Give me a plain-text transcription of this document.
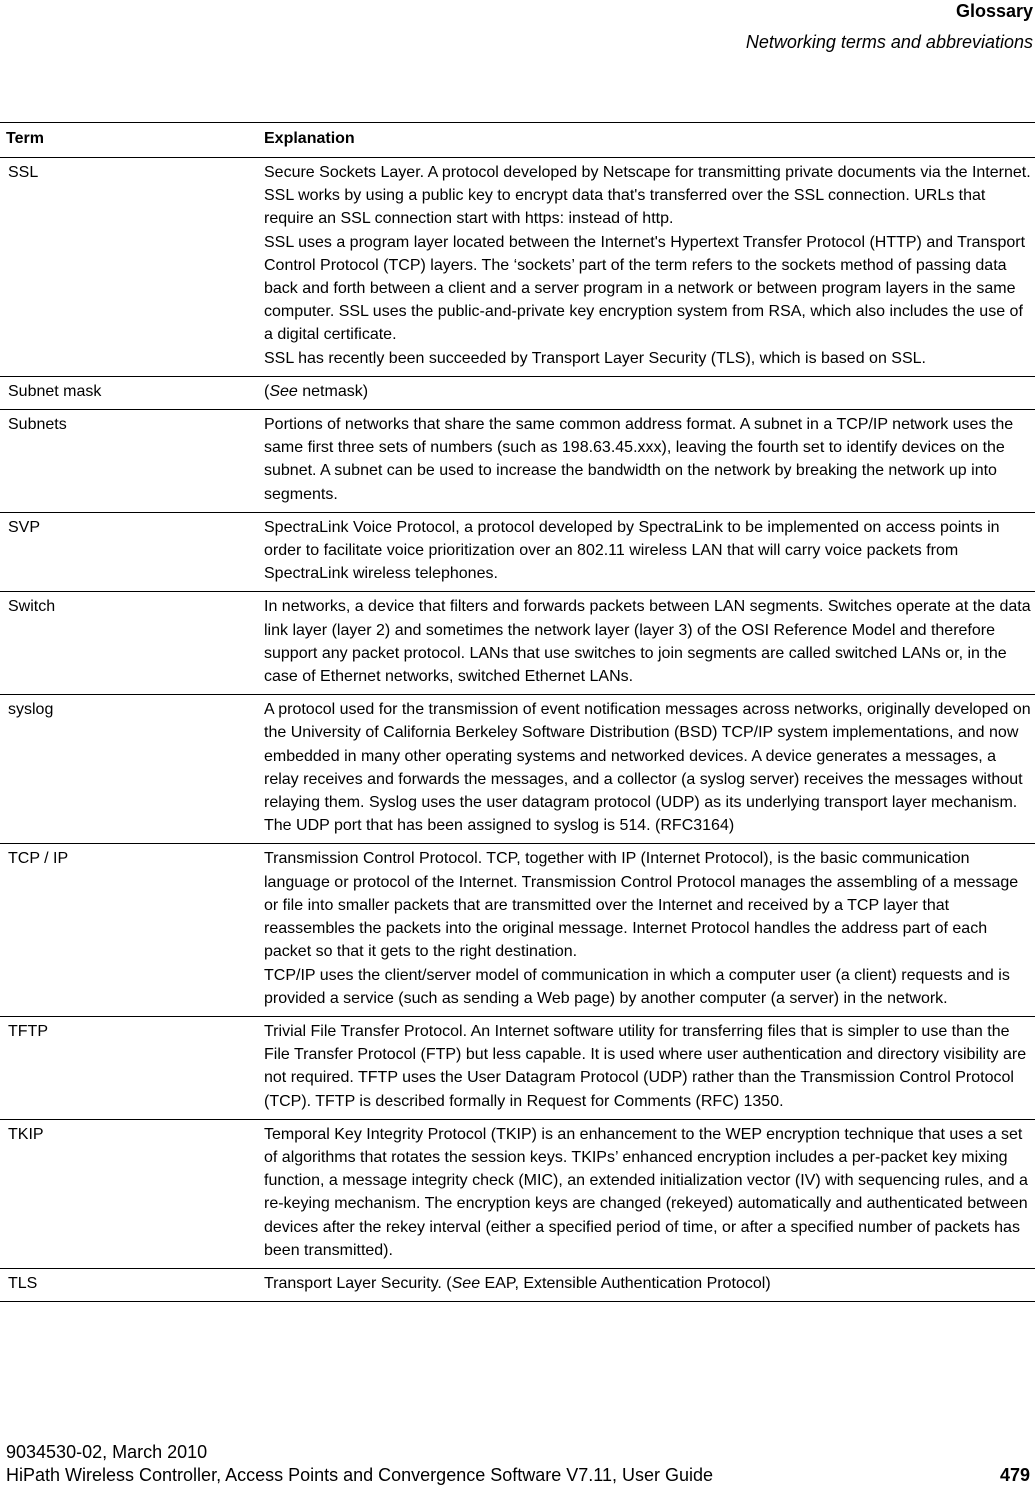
Glossary
Networking terms and abbreviations
Term	Explanation
SSL	Secure Sockets Layer. A protocol developed by Netscape for transmitting private documents via the Internet. SSL works by using a public key to encrypt data that's transferred over the SSL connection. URLs that require an SSL connection start with https: instead of http.
SSL uses a program layer located between the Internet's Hypertext Transfer Protocol (HTTP) and Transport Control Protocol (TCP) layers. The ‘sockets’ part of the term refers to the sockets method of passing data back and forth between a client and a server program in a network or between program layers in the same computer. SSL uses the public-and-private key encryption system from RSA, which also includes the use of a digital certificate.
SSL has recently been succeeded by Transport Layer Security (TLS), which is based on SSL.

Subnet mask	(See netmask)
Subnets	Portions of networks that share the same common address format. A subnet in a TCP/IP network uses the same first three sets of numbers (such as 198.63.45.xxx), leaving the fourth set to identify devices on the subnet. A subnet can be used to increase the bandwidth on the network by breaking the network up into segments.

SVP	SpectraLink Voice Protocol, a protocol developed by SpectraLink to be implemented on access points in order to facilitate voice prioritization over an 802.11 wireless LAN that will carry voice packets from SpectraLink wireless telephones.

Switch	In networks, a device that filters and forwards packets between LAN segments. Switches operate at the data link layer (layer 2) and sometimes the network layer (layer 3) of the OSI Reference Model and therefore support any packet protocol. LANs that use switches to join segments are called switched LANs or, in the case of Ethernet networks, switched Ethernet LANs.

syslog	A protocol used for the transmission of event notification messages across networks, originally developed on the University of California Berkeley Software Distribution (BSD) TCP/IP system implementations, and now embedded in many other operating systems and networked devices. A device generates a messages, a relay receives and forwards the messages, and a collector (a syslog server) receives the messages without relaying them. Syslog uses the user datagram protocol (UDP) as its underlying transport layer mechanism. The UDP port that has been assigned to syslog is 514. (RFC3164)

TCP / IP	Transmission Control Protocol. TCP, together with IP (Internet Protocol), is the basic communication language or protocol of the Internet. Transmission Control Protocol manages the assembling of a message or file into smaller packets that are transmitted over the Internet and received by a TCP layer that reassembles the packets into the original message. Internet Protocol handles the address part of each packet so that it gets to the right destination.
TCP/IP uses the client/server model of communication in which a computer user (a client) requests and is provided a service (such as sending a Web page) by another computer (a server) in the network.

TFTP	Trivial File Transfer Protocol. An Internet software utility for transferring files that is simpler to use than the File Transfer Protocol (FTP) but less capable. It is used where user authentication and directory visibility are not required. TFTP uses the User Datagram Protocol (UDP) rather than the Transmission Control Protocol (TCP). TFTP is described formally in Request for Comments (RFC) 1350.

TKIP	Temporal Key Integrity Protocol (TKIP) is an enhancement to the WEP encryption technique that uses a set of algorithms that rotates the session keys. TKIPs’ enhanced encryption includes a per-packet key mixing function, a message integrity check (MIC), an extended initialization vector (IV) with sequencing rules, and a re-keying mechanism. The encryption keys are changed (rekeyed) automatically and authenticated between devices after the rekey interval (either a specified period of time, or after a specified number of packets has been transmitted).

TLS	Transport Layer Security. (See EAP, Extensible Authentication Protocol)
9034530-02, March 2010
HiPath Wireless Controller, Access Points and Convergence Software V7.11, User Guide	479
